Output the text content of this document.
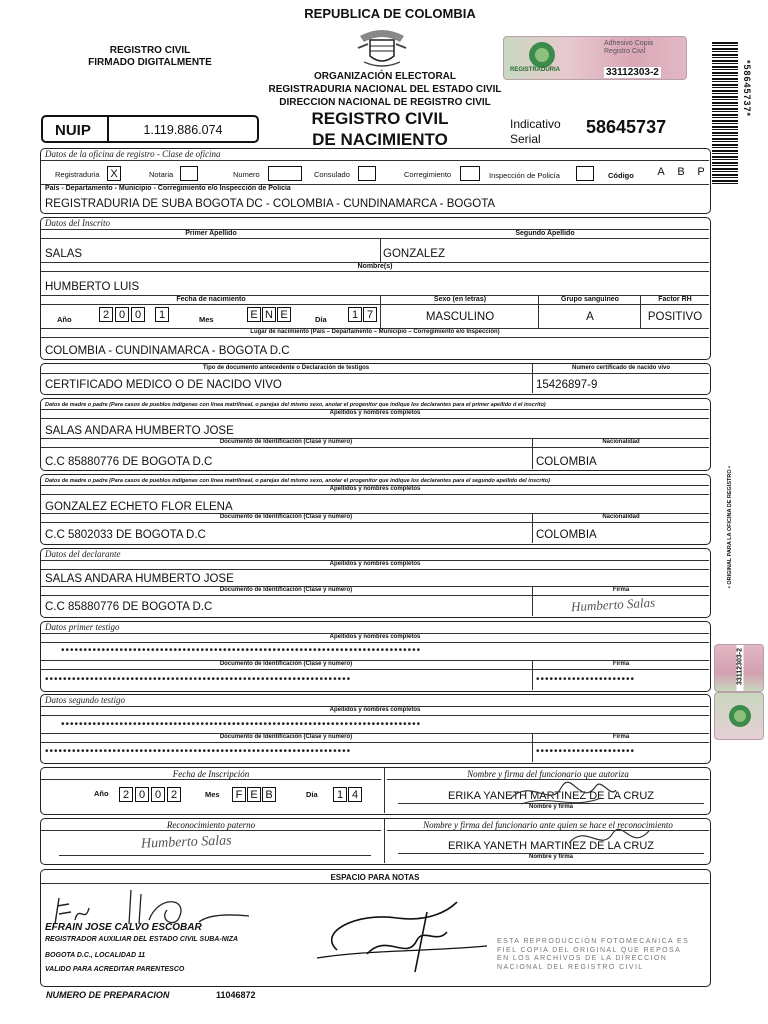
REPUBLICA DE COLOMBIA
REGISTRO CIVIL
FIRMADO DIGITALMENTE
ORGANIZACIÓN ELECTORAL
REGISTRADURIA NACIONAL DEL ESTADO CIVIL
DIRECCION NACIONAL DE REGISTRO CIVIL
NUIP	1.119.886.074
REGISTRO CIVIL
DE NACIMIENTO
Indicativo
Serial
58645737
REGISTRADURIA
Adhesivo Copia
Registro Civil
33112303-2	*58645737*
Datos de la oficina de registro - Clase de oficina
Registraduria X	Notaria	Numero	Consulado	Corregimiento	Inspección de Policía	Código	A	B	P
País - Departamento - Municipio - Corregimiento e/o Inspección de Policía
REGISTRADURIA DE SUBA BOGOTA DC - COLOMBIA - CUNDINAMARCA - BOGOTA
Datos del Inscrito
Primer Apellido	Segundo Apellido
SALAS	GONZALEZ
Nombre(s)
HUMBERTO LUIS
Fecha de nacimiento	Sexo (en letras)	Grupo sanguíneo	Factor RH
Año	2 0 0	1	Mes	E N E	Día	1 7	MASCULINO	A	POSITIVO
Lugar de nacimiento (País – Departamento – Municipio – Corregimiento e/o Inspección)
COLOMBIA - CUNDINAMARCA - BOGOTA D.C
Tipo de documento antecedente o Declaración de testigos	Numero certificado de nacido vivo
CERTIFICADO MEDICO O DE NACIDO VIVO	15426897-9
Datos de madre o padre (Para casos de pueblos indígenas con línea matrilineal, o parejas del mismo sexo, anotar el progenitor que indique los declarantes para el primer apellido d el inscrito)
Apellidos y nombres completos
SALAS ANDARA HUMBERTO JOSE
Documento de Identificación (Clase y numero)	Nacionalidad
C.C 85880776 DE BOGOTA D.C	COLOMBIA
Datos de madre o padre (Para casos de pueblos indígenas con línea matrilineal, o parejas del mismo sexo, anotar el progenitor que indique los declarantes para el segundo apellido del inscrito)
Apellidos y nombres completos
GONZALEZ ECHETO FLOR ELENA
Documento de Identificación (Clase y numero)	Nacionalidad
C.C 5802033 DE BOGOTA D.C	COLOMBIA
Datos del declarante
Apellidos y nombres completos
SALAS ANDARA HUMBERTO JOSE
Documento de Identificación (Clase y numero)	Firma
C.C 85880776 DE BOGOTA D.C	Humberto Salas
Datos primer testigo
Apellidos y nombres completos
••••••••••••••••••••••••••••••••••••••••••••••••••••••••••••••••••••••••••••••••
Documento de Identificación (Clase y numero)	Firma
••••••••••••••••••••••••••••••••••••••••••••••••••••••••••••••••••••	••••••••••••••••••••••
Datos segundo testigo
Apellidos y nombres completos
••••••••••••••••••••••••••••••••••••••••••••••••••••••••••••••••••••••••••••••••
Documento de Identificación (Clase y numero)	Firma
••••••••••••••••••••••••••••••••••••••••••••••••••••••••••••••••••••	••••••••••••••••••••••
Fecha de Inscripción	Nombre y firma del funcionario que autoriza
Año	2 0 0 2	Mes	F E B	Día	1 4	ERIKA YANETH MARTINEZ DE LA CRUZ
Nombre y firma
Reconocimiento paterno	Nombre y firma del funcionario ante quien se hace el reconocimiento
Humberto Salas	ERIKA YANETH MARTINEZ DE LA CRUZ
Nombre y firma
ESPACIO PARA NOTAS
EFRAIN JOSE CALVO ESCOBAR
REGISTRADOR AUXILIAR DEL ESTADO CIVIL SUBA-NIZA
BOGOTA D.C., LOCALIDAD 11
VALIDO PARA ACREDITAR PARENTESCO
ESTA REPRODUCCIÓN FOTOMECANICA ES
FIEL COPIA DEL ORIGINAL QUE REPOSA
EN LOS ARCHIVOS DE LA DIRECCION
NACIONAL DEL REGISTRO CIVIL
NUMERO DE PREPARACION	11046872
• ORIGINAL PARA LA OFICINA DE REGISTRO •
33112303-2
